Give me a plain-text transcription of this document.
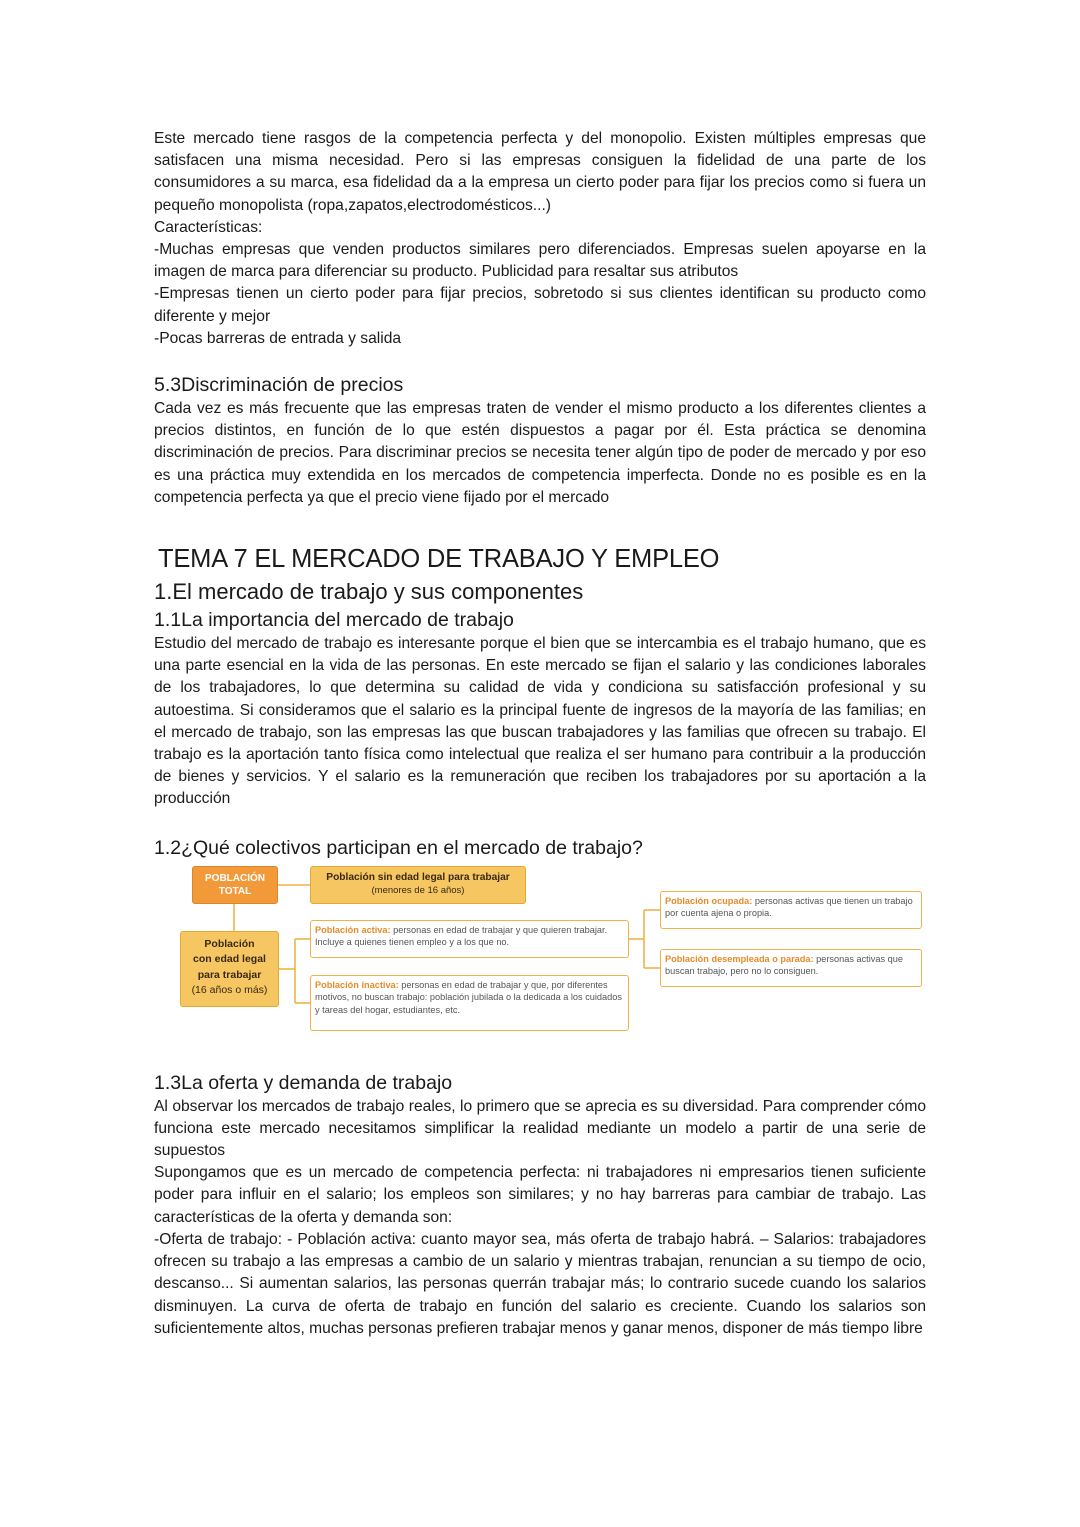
Este mercado tiene rasgos de la competencia perfecta y del monopolio. Existen múltiples empresas que satisfacen una misma necesidad. Pero si las empresas consiguen la fidelidad de una parte de los consumidores a su marca, esa fidelidad da a la empresa un cierto poder para fijar los precios como si fuera un pequeño monopolista (ropa,zapatos,electrodomésticos...)

Características:

-Muchas empresas que venden productos similares pero diferenciados. Empresas suelen apoyarse en la imagen de marca para diferenciar su producto. Publicidad para resaltar sus atributos

-Empresas tienen un cierto poder para fijar precios, sobretodo si sus clientes identifican su producto como diferente y mejor

-Pocas barreras de entrada y salida

5.3Discriminación de precios

Cada vez es más frecuente que las empresas traten de vender el mismo producto a los diferentes clientes a precios distintos, en función de lo que estén dispuestos a pagar por él. Esta práctica se denomina discriminación de precios. Para discriminar precios se necesita tener algún tipo de poder de mercado y por eso es una práctica muy extendida en los mercados de competencia imperfecta. Donde no es posible es en la competencia perfecta ya que el precio viene fijado por el mercado

TEMA 7 EL MERCADO DE TRABAJO Y EMPLEO
1.El mercado de trabajo y sus componentes
1.1La importancia del mercado de trabajo

Estudio del mercado de trabajo es interesante porque el bien que se intercambia es el trabajo humano, que es una parte esencial en la vida de las personas. En este mercado se fijan el salario y las condiciones laborales de los trabajadores, lo que determina su calidad de vida y condiciona su satisfacción profesional y su autoestima. Si consideramos que el salario es la principal fuente de ingresos de la mayoría de las familias; en el mercado de trabajo, son las empresas las que buscan trabajadores y las familias que ofrecen su trabajo. El trabajo es la aportación tanto física como intelectual que realiza el ser humano para contribuir a la producción de bienes y servicios. Y el salario es la remuneración que reciben los trabajadores por su aportación a la producción

1.2¿Qué colectivos participan en el mercado de trabajo?
POBLACIÓN
TOTAL
Población sin edad legal para trabajar
(menores de 16 años)
Población
con edad legal
para trabajar
(16 años o más)
Población activa: personas en edad de trabajar y que quieren trabajar. Incluye a quienes tienen empleo y a los que no.
Población inactiva: personas en edad de trabajar y que, por diferentes motivos, no buscan trabajo: población jubilada o la dedicada a los cuidados y tareas del hogar, estudiantes, etc.
Población ocupada: personas activas que tienen un trabajo por cuenta ajena o propia.
Población desempleada o parada: personas activas que buscan trabajo, pero no lo consiguen.
1.3La oferta y demanda de trabajo

Al observar los mercados de trabajo reales, lo primero que se aprecia es su diversidad. Para comprender cómo funciona este mercado necesitamos simplificar la realidad mediante un modelo a partir de una serie de supuestos

Supongamos que es un mercado de competencia perfecta: ni trabajadores ni empresarios tienen suficiente poder para influir en el salario; los empleos son similares; y no hay barreras para cambiar de trabajo. Las características de la oferta y demanda son:

-Oferta de trabajo: - Población activa: cuanto mayor sea, más oferta de trabajo habrá. – Salarios: trabajadores ofrecen su trabajo a las empresas a cambio de un salario y mientras trabajan, renuncian a su tiempo de ocio, descanso... Si aumentan salarios, las personas querrán trabajar más; lo contrario sucede cuando los salarios disminuyen. La curva de oferta de trabajo en función del salario es creciente. Cuando los salarios son suficientemente altos, muchas personas prefieren trabajar menos y ganar menos, disponer de más tiempo libre
